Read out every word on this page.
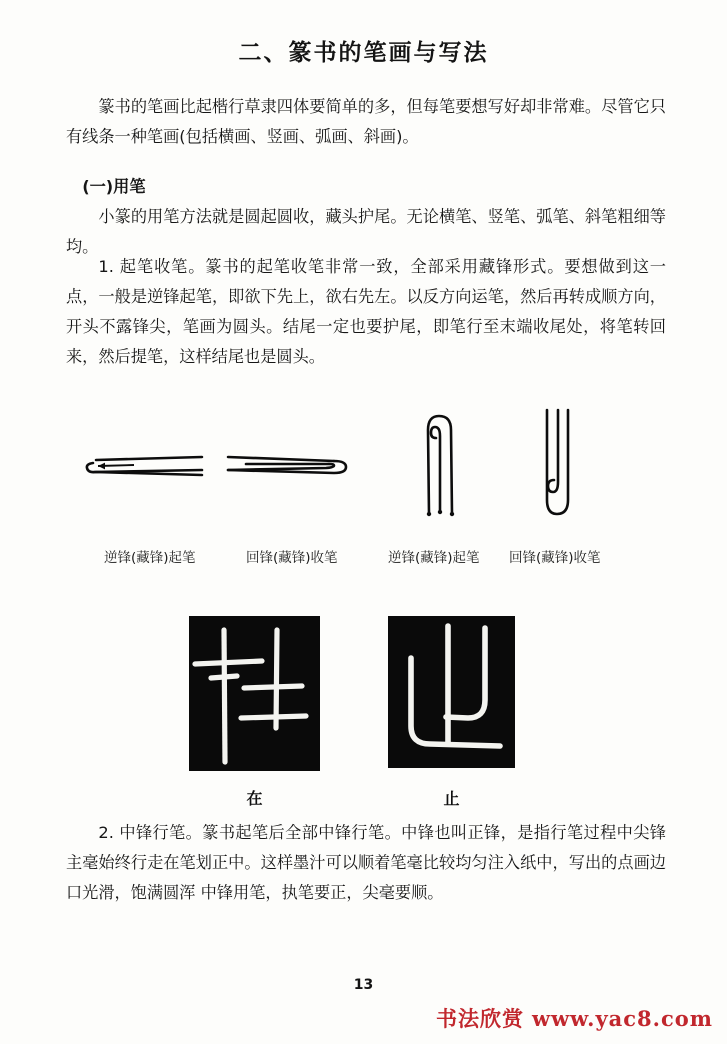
二、篆书的笔画与写法

篆书的笔画比起楷行草隶四体要简单的多，但每笔要想写好却非常难。尽管它只有线条一种笔画(包括横画、竖画、弧画、斜画)。

(一)用笔

小篆的用笔方法就是圆起圆收，藏头护尾。无论横笔、竖笔、弧笔、斜笔粗细等均。

1. 起笔收笔。篆书的起笔收笔非常一致，全部采用藏锋形式。要想做到这一点，一般是逆锋起笔，即欲下先上，欲右先左。以反方向运笔，然后再转成顺方向，开头不露锋尖，笔画为圆头。结尾一定也要护尾，即笔行至末端收尾处，将笔转回来，然后提笔，这样结尾也是圆头。

逆锋(藏锋)起笔	回锋(藏锋)收笔	逆锋(藏锋)起笔 回锋(藏锋)收笔
在	止

2. 中锋行笔。篆书起笔后全部中锋行笔。中锋也叫正锋，是指行笔过程中尖锋主毫始终行走在笔划正中。这样墨汁可以顺着笔毫比较均匀注入纸中，写出的点画边口光滑，饱满圆浑 中锋用笔，执笔要正，尖毫要顺。

13
书法欣赏 www.yac8.com
